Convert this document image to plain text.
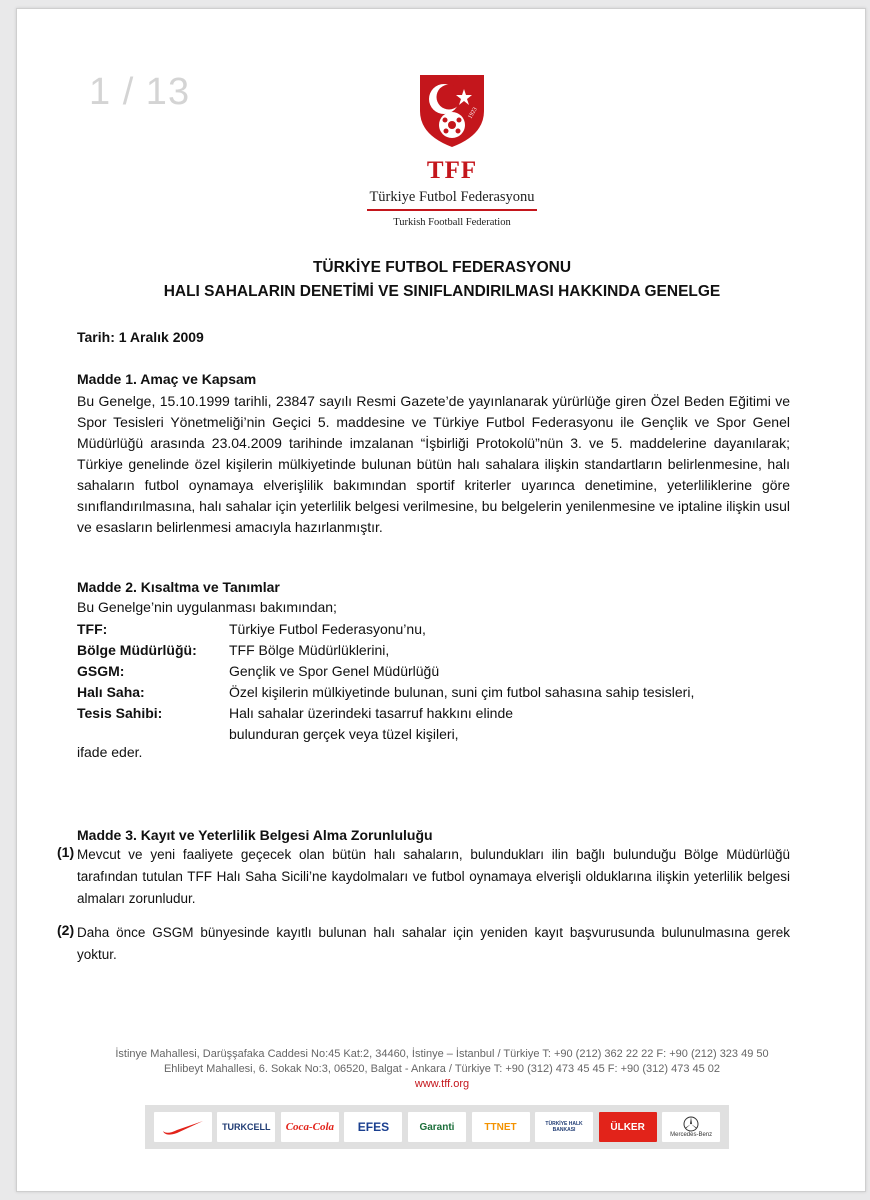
1 / 13
1923
TFF
Türkiye Futbol Federasyonu
Turkish Football Federation
TÜRKİYE FUTBOL FEDERASYONU
HALI SAHALARIN DENETİMİ VE SINIFLANDIRILMASI HAKKINDA GENELGE
Tarih: 1 Aralık 2009
Madde 1. Amaç ve Kapsam
Bu Genelge, 15.10.1999 tarihli, 23847 sayılı Resmi Gazete’de yayınlanarak yürürlüğe giren Özel Beden Eğitimi ve Spor Tesisleri Yönetmeliği’nin Geçici 5. maddesine ve Türkiye Futbol Federasyonu ile Gençlik ve Spor Genel Müdürlüğü arasında 23.04.2009 tarihinde imzalanan “İşbirliği Protokolü”nün 3. ve 5. maddelerine dayanılarak; Türkiye genelinde özel kişilerin mülkiyetinde bulunan bütün halı sahalara ilişkin standartların belirlenmesine, halı sahaların futbol oynamaya elverişlilik bakımından sportif kriterler uyarınca denetimine, yeterliliklerine göre sınıflandırılmasına, halı sahalar için yeterlilik belgesi verilmesine, bu belgelerin yenilenmesine ve iptaline ilişkin usul ve esasların belirlenmesi amacıyla hazırlanmıştır.
Madde 2. Kısaltma ve Tanımlar
Bu Genelge’nin uygulanması bakımından;
TFF:	Türkiye Futbol Federasyonu’nu,
Bölge Müdürlüğü:	TFF Bölge Müdürlüklerini,
GSGM:	Gençlik ve Spor Genel Müdürlüğü
Halı Saha:	Özel kişilerin mülkiyetinde bulunan, suni çim futbol sahasına sahip tesisleri,
Tesis Sahibi:	Halı sahalar üzerindeki tasarruf hakkını elinde bulunduran gerçek veya tüzel kişileri,
ifade eder.
Madde 3. Kayıt ve Yeterlilik Belgesi Alma Zorunluluğu
(1) Mevcut ve yeni faaliyete geçecek olan bütün halı sahaların, bulundukları ilin bağlı bulunduğu Bölge Müdürlüğü tarafından tutulan TFF Halı Saha Sicili’ne kaydolmaları ve futbol oynamaya elverişli olduklarına ilişkin yeterlilik belgesi almaları zorunludur.
(2) Daha önce GSGM bünyesinde kayıtlı bulunan halı sahalar için yeniden kayıt başvurusunda bulunulmasına gerek yoktur.
İstinye Mahallesi, Darüşşafaka Caddesi No:45 Kat:2, 34460, İstinye – İstanbul / Türkiye T: +90 (212) 362 22 22 F: +90 (212) 323 49 50
Ehlibeyt Mahallesi, 6. Sokak No:3, 06520, Balgat - Ankara / Türkiye T: +90 (312) 473 45 45 F: +90 (312) 473 45 02
www.tff.org
TURKCELL	Coca-Cola	EFES	Garanti	TTNET	TÜRKİYE HALK BANKASI	ÜLKER
Mercedes-Benz
